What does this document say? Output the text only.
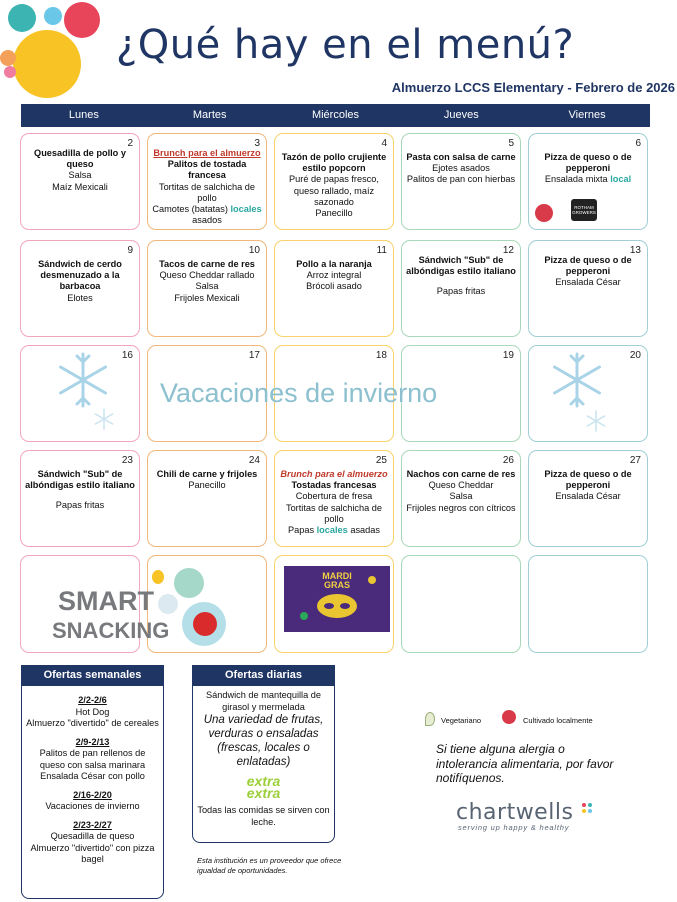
¿Qué hay en el menú?
Almuerzo LCCS Elementary - Febrero de 2026
Lunes	Martes	Miércoles	Jueves	Viernes
2
Quesadilla de pollo y queso
Salsa
Maíz Mexicali
3
Brunch para el almuerzo
Palitos de tostada francesa
Tortitas de salchicha de pollo
Camotes (batatas) locales asados
4
Tazón de pollo crujiente estilo popcorn
Puré de papas fresco, queso rallado, maíz sazonado
Panecillo
5
Pasta con salsa de carne
Ejotes asados
Palitos de pan con hierbas
6
Pizza de queso o de pepperoni
Ensalada mixta local
ROTHAM GROWERS
9
Sándwich de cerdo desmenuzado a la barbacoa
Elotes
10
Tacos de carne de res
Queso Cheddar rallado
Salsa
Frijoles Mexicali
11
Pollo a la naranja
Arroz integral
Brócoli asado
12
Sándwich "Sub" de albóndigas estilo italiano
Papas fritas
13
Pizza de queso o de pepperoni
Ensalada César
16	17	18	19	20
Vacaciones de invierno
23
Sándwich "Sub" de albóndigas estilo italiano
Papas fritas
24
Chili de carne y frijoles
Panecillo
25
Brunch para el almuerzo
Tostadas francesas
Cobertura de fresa
Tortitas de salchicha de pollo
Papas locales asadas
26
Nachos con carne de res
Queso Cheddar
Salsa
Frijoles negros con cítricos
27
Pizza de queso o de pepperoni
Ensalada César
SMART
SNACKING
MARDI
GRAS
Ofertas semanales
2/2-2/6
Hot Dog
Almuerzo "divertido" de cereales
2/9-2/13
Palitos de pan rellenos de queso con salsa marinara
Ensalada César con pollo
2/16-2/20
Vacaciones de invierno
2/23-2/27
Quesadilla de queso
Almuerzo "divertido" con pizza bagel
Ofertas diarias
Sándwich de mantequilla de girasol y mermelada
Una variedad de frutas, verduras o ensaladas (frescas, locales o enlatadas)
extra
extra
Todas las comidas se sirven con leche.
Vegetariano	Cultivado localmente
Si tiene alguna alergia o intolerancia alimentaria, por favor notifíquenos.
chartwells
serving up happy & healthy
Esta institución es un proveedor que ofrece igualdad de oportunidades.
